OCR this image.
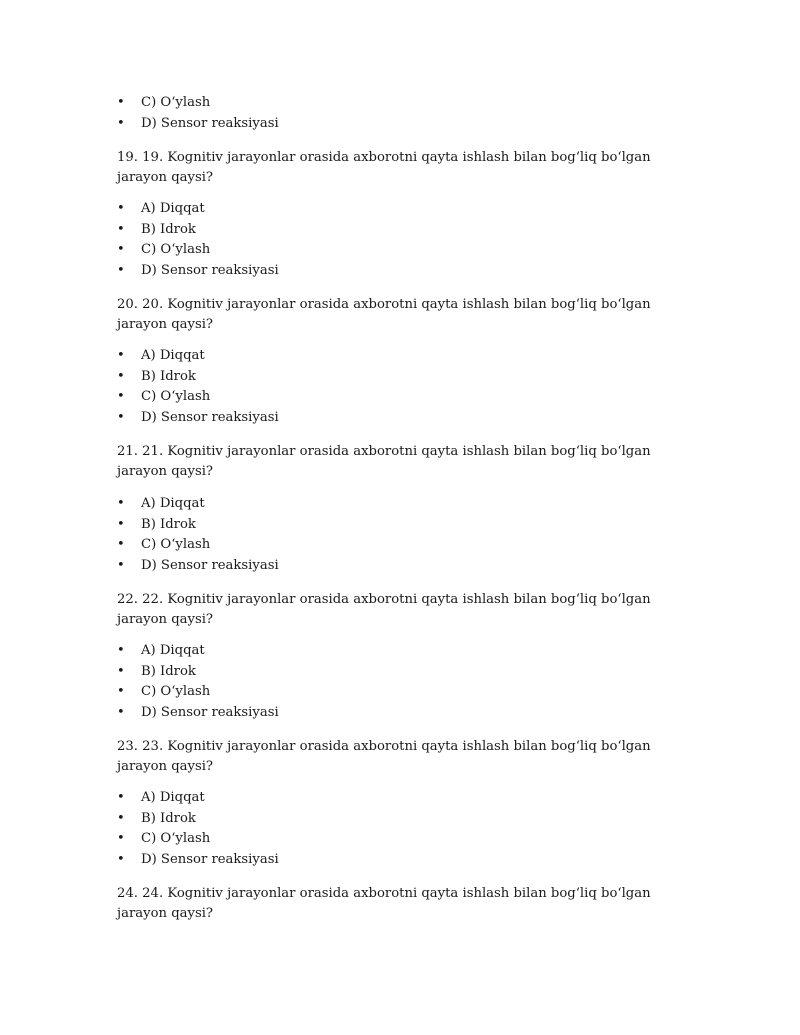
• C) O‘ylash
• D) Sensor reaksiyasi
19. 19. Kognitiv jarayonlar orasida axborotni qayta ishlash bilan bog‘liq bo‘lgan jarayon qaysi?
• A) Diqqat
• B) Idrok
• C) O‘ylash
• D) Sensor reaksiyasi
20. 20. Kognitiv jarayonlar orasida axborotni qayta ishlash bilan bog‘liq bo‘lgan jarayon qaysi?
• A) Diqqat
• B) Idrok
• C) O‘ylash
• D) Sensor reaksiyasi
21. 21. Kognitiv jarayonlar orasida axborotni qayta ishlash bilan bog‘liq bo‘lgan jarayon qaysi?
• A) Diqqat
• B) Idrok
• C) O‘ylash
• D) Sensor reaksiyasi
22. 22. Kognitiv jarayonlar orasida axborotni qayta ishlash bilan bog‘liq bo‘lgan jarayon qaysi?
• A) Diqqat
• B) Idrok
• C) O‘ylash
• D) Sensor reaksiyasi
23. 23. Kognitiv jarayonlar orasida axborotni qayta ishlash bilan bog‘liq bo‘lgan jarayon qaysi?
• A) Diqqat
• B) Idrok
• C) O‘ylash
• D) Sensor reaksiyasi
24. 24. Kognitiv jarayonlar orasida axborotni qayta ishlash bilan bog‘liq bo‘lgan jarayon qaysi?
